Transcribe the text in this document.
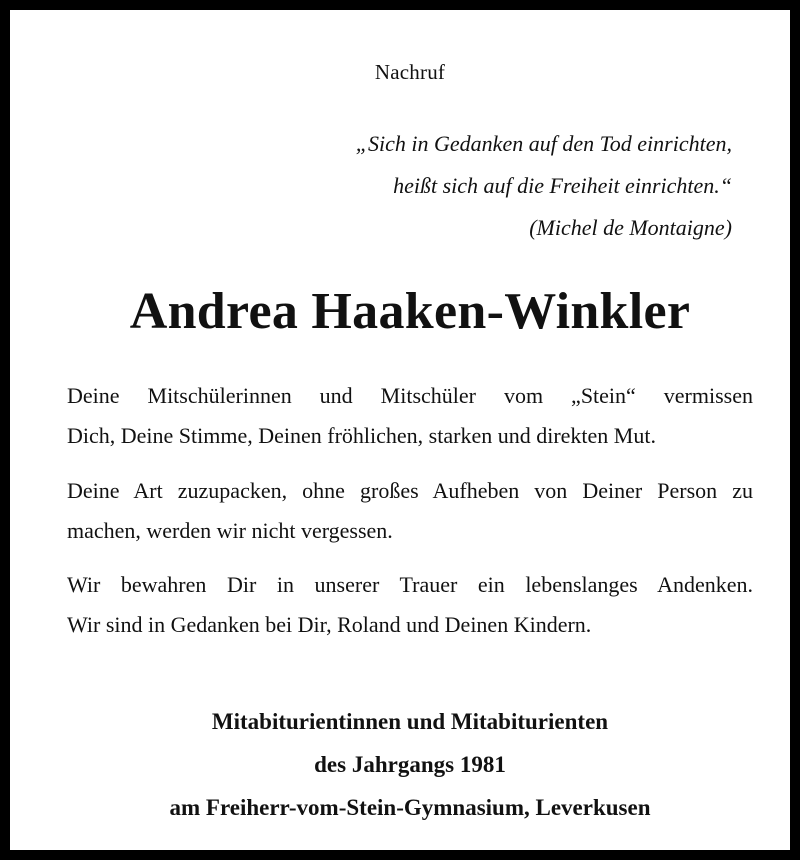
Nachruf
„Sich in Gedanken auf den Tod einrichten,
heißt sich auf die Freiheit einrichten.“
(Michel de Montaigne)
Andrea Haaken-Winkler
Deine Mitschülerinnen und Mitschüler vom „Stein“ vermissen
Dich, Deine Stimme, Deinen fröhlichen, starken und direkten Mut.
Deine Art zuzupacken, ohne großes Aufheben von Deiner Person zu
machen, werden wir nicht vergessen.
Wir bewahren Dir in unserer Trauer ein lebenslanges Andenken.
Wir sind in Gedanken bei Dir, Roland und Deinen Kindern.
Mitabiturientinnen und Mitabiturienten
des Jahrgangs 1981
am Freiherr-vom-Stein-Gymnasium, Leverkusen
